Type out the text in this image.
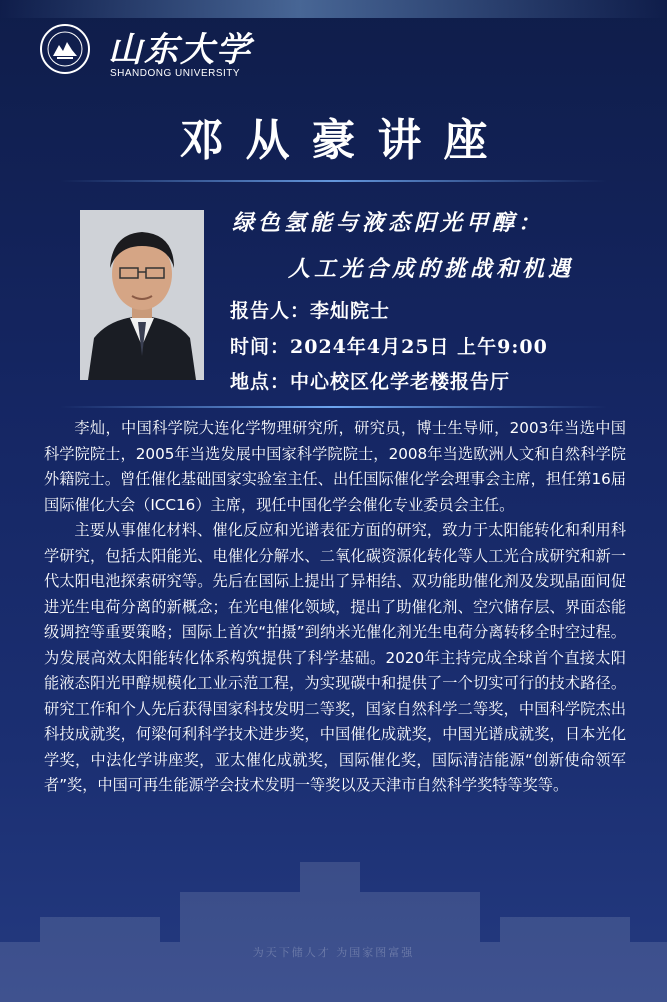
山东大学
SHANDONG UNIVERSITY
邓从豪讲座
绿色氢能与液态阳光甲醇：
人工光合成的挑战和机遇
报告人：李灿院士
时间：2024年4月25日 上午9:00
地点：中心校区化学老楼报告厅

李灿，中国科学院大连化学物理研究所，研究员，博士生导师，2003年当选中国科学院院士，2005年当选发展中国家科学院院士，2008年当选欧洲人文和自然科学院外籍院士。曾任催化基础国家实验室主任、出任国际催化学会理事会主席，担任第16届国际催化大会（ICC16）主席，现任中国化学会催化专业委员会主任。

主要从事催化材料、催化反应和光谱表征方面的研究，致力于太阳能转化和利用科学研究，包括太阳能光、电催化分解水、二氧化碳资源化转化等人工光合成研究和新一代太阳电池探索研究等。先后在国际上提出了异相结、双功能助催化剂及发现晶面间促进光生电荷分离的新概念；在光电催化领域，提出了助催化剂、空穴储存层、界面态能级调控等重要策略；国际上首次“拍摄”到纳米光催化剂光生电荷分离转移全时空过程。为发展高效太阳能转化体系构筑提供了科学基础。2020年主持完成全球首个直接太阳能液态阳光甲醇规模化工业示范工程，为实现碳中和提供了一个切实可行的技术路径。研究工作和个人先后获得国家科技发明二等奖，国家自然科学二等奖，中国科学院杰出科技成就奖，何梁何利科学技术进步奖，中国催化成就奖，中国光谱成就奖，日本光化学奖，中法化学讲座奖，亚太催化成就奖，国际催化奖，国际清洁能源“创新使命领军者”奖，中国可再生能源学会技术发明一等奖以及天津市自然科学奖特等奖等。

为天下储人才 为国家图富强
